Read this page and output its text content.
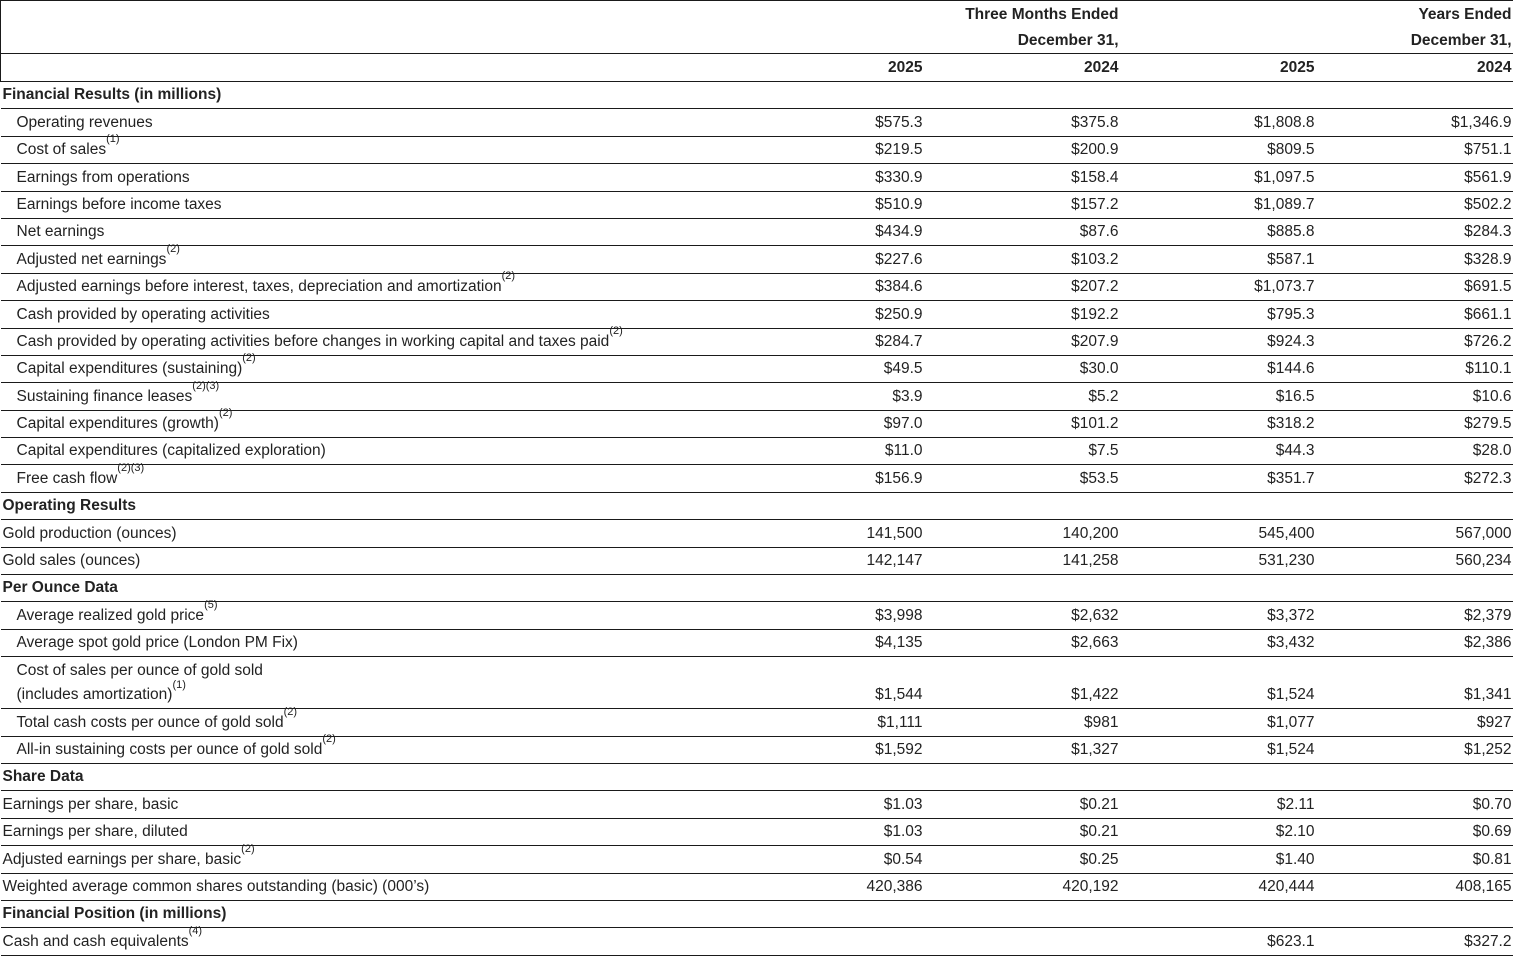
		Three Months Ended		Years Ended
		December 31,		December 31,
	2025	2024	2025	2024
Financial Results (in millions)				
Operating revenues	$575.3	$375.8	$1,808.8	$1,346.9
Cost of sales$^{(1)}$	$219.5	$200.9	$809.5	$751.1
Earnings from operations	$330.9	$158.4	$1,097.5	$561.9
Earnings before income taxes	$510.9	$157.2	$1,089.7	$502.2
Net earnings	$434.9	$87.6	$885.8	$284.3
Adjusted net earnings$^{(2)}$	$227.6	$103.2	$587.1	$328.9
Adjusted earnings before interest, taxes, depreciation and amortization$^{(2)}$	$384.6	$207.2	$1,073.7	$691.5
Cash provided by operating activities	$250.9	$192.2	$795.3	$661.1
Cash provided by operating activities before changes in working capital and taxes paid$^{(2)}$	$284.7	$207.9	$924.3	$726.2
Capital expenditures (sustaining)$^{(2)}$	$49.5	$30.0	$144.6	$110.1
Sustaining finance leases$^{(2)(3)}$	$3.9	$5.2	$16.5	$10.6
Capital expenditures (growth)$^{(2)}$	$97.0	$101.2	$318.2	$279.5
Capital expenditures (capitalized exploration)	$11.0	$7.5	$44.3	$28.0
Free cash flow$^{(2)(3)}$	$156.9	$53.5	$351.7	$272.3
Operating Results				
Gold production (ounces)	141,500	140,200	545,400	567,000
Gold sales (ounces)	142,147	141,258	531,230	560,234
Per Ounce Data				
Average realized gold price$^{(5)}$	$3,998	$2,632	$3,372	$2,379
Average spot gold price (London PM Fix)	$4,135	$2,663	$3,432	$2,386

Cost of sales per ounce of gold sold
(includes amortization)$^{(1)}$	$1,544	$1,422	$1,524	$1,341
Total cash costs per ounce of gold sold$^{(2)}$	$1,111	$981	$1,077	$927
All-in sustaining costs per ounce of gold sold$^{(2)}$	$1,592	$1,327	$1,524	$1,252
Share Data				
Earnings per share, basic	$1.03	$0.21	$2.11	$0.70
Earnings per share, diluted	$1.03	$0.21	$2.10	$0.69
Adjusted earnings per share, basic$^{(2)}$	$0.54	$0.25	$1.40	$0.81
Weighted average common shares outstanding (basic) (000’s)	420,386	420,192	420,444	408,165
Financial Position (in millions)				
Cash and cash equivalents$^{(4)}$			$623.1	$327.2
